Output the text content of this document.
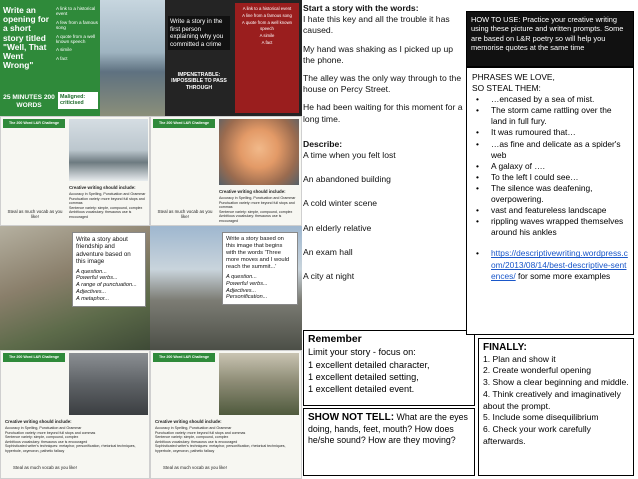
Write an opening for a short story titled "Well, That Went Wrong"
A link to a historical event
A few from a famous song
A quote from a well known speech
A simile
A fact
25 MINUTES 200 WORDS
Maligned: criticised
Write a story in the first person explaining why you committed a crime
A link to a historical event
A line from a famous song
A quote from a well known speech
A simile
A fact
IMPENETRABLE: IMPOSSIBLE TO PASS THROUGH
The 200 Word L&R Challenge
Creative writing should include:
Accuracy in Spelling, Punctuation and Grammar
Punctuation variety: more beyond full stops and commas
Sentence variety: simple, compound, complex
Ambitious vocabulary: thesaurus use is encouraged
Steal as much vocab as you like!
The 200 Word L&R Challenge
Creative writing should include:
Accuracy in Spelling, Punctuation and Grammar
Punctuation variety: more beyond full stops and commas
Sentence variety: simple, compound, complex
Ambitious vocabulary: thesaurus use is encouraged
Steal as much vocab as you like!
Write a story about friendship and adventure based on this image
A question...
Powerful verbs...
A range of punctuation...
Adjectives...
A metaphor...
Write a story based on this image that begins with the words 'Three more moves and I would reach the summit...'
A question...
Powerful verbs...
Adjectives...
Personification...
The 200 Word L&R Challenge
Creative writing should include:
Accuracy in Spelling, Punctuation and Grammar
Punctuation variety: more beyond full stops and commas
Sentence variety: simple, compound, complex
Ambitious vocabulary: thesaurus use is encouraged
Sophisticated writer's techniques: metaphor, personification, rhetorical techniques, hyperbole, oxymoron, pathetic fallacy
Steal as much vocab as you like!
The 200 Word L&R Challenge
Creative writing should include:
Accuracy in Spelling, Punctuation and Grammar
Punctuation variety: more beyond full stops and commas
Sentence variety: simple, compound, complex
Ambitious vocabulary: thesaurus use is encouraged
Sophisticated writer's techniques: metaphor, personification, rhetorical techniques, hyperbole, oxymoron, pathetic fallacy
Steal as much vocab as you like!
Start a story with the words:

I hate this key and all the trouble it has caused.

My hand was shaking as I picked up up the phone.

The alley was the only way through to the house on Percy Street.

He had been waiting for this moment for a long time.

Describe:

A time when you felt lost

An abandoned building

A cold winter scene

An elderly relative

An exam hall

A city at night

Remember
Limit your story - focus on:
1 excellent detailed character,
1 excellent detailed setting,
1 excellent detailed event.
SHOW NOT TELL: What are the eyes doing, hands, feet, mouth? How does he/she sound? How are they moving?
HOW TO USE: Practice your creative writing using these picture and written prompts. Some are based on L&R poetry so will help you memorise quotes at the same time
PHRASES WE LOVE,
SO STEAL THEM:
• …encased by a sea of mist.
• The storm came rattling over the land in full fury.
• It was rumoured that…
• …as fine and delicate as a spider's web
• A galaxy of ….
• To the left I could see…
• The silence was deafening, overpowering.
• vast and featureless landscape
• rippling waves wrapped themselves around his ankles
• https://descriptivewriting.wordpress.com/2013/08/14/best-descriptive-sentences/ for some more examples
FINALLY:
1. Plan and show it
2. Create wonderful opening
3. Show a clear beginning and middle.
4. Think creatively and imaginatively about the prompt.
5. Include some disequilibrium
6. Check your work carefully afterwards.
